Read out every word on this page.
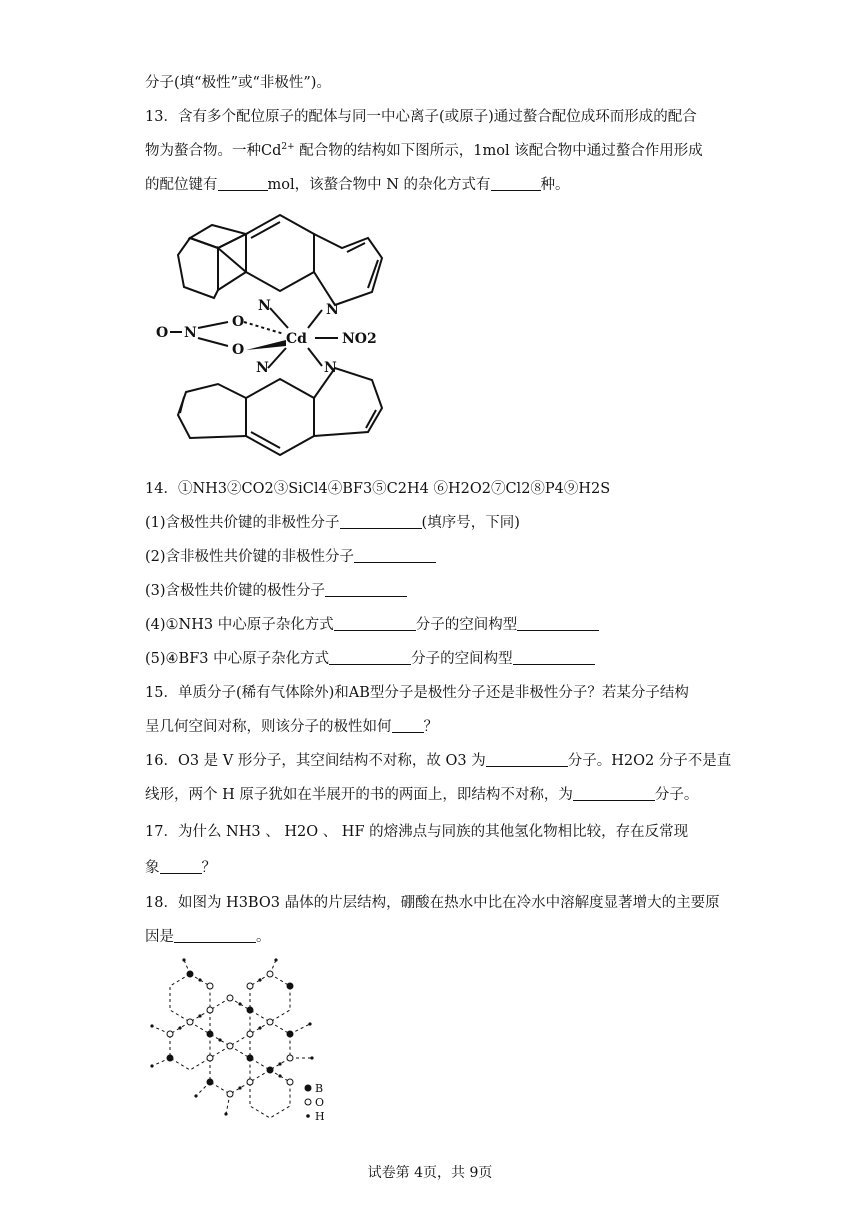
分子(填“极性”或“非极性”)。
13．含有多个配位原子的配体与同一中心离子(或原子)通过螯合配位成环而形成的配合
物为螯合物。一种$Cd^{2+}$ 配合物的结构如下图所示，1mol 该配合物中通过螯合作用形成
的配位键有	mol，该螯合物中 N 的杂化方式有	种。
N	N
N	N
O
O
N
O	Cd	NO2
14．①NH3②CO2③SiCl4④BF3⑤C2H4 ⑥H2O2⑦Cl2⑧P4⑨H2S
(1)含极性共价键的非极性分子	(填序号，下同)
(2)含非极性共价键的非极性分子
(3)含极性共价键的极性分子
(4)①NH3 中心原子杂化方式	分子的空间构型
(5)④BF3 中心原子杂化方式	分子的空间构型
15．单质分子(稀有气体除外)和AB型分子是极性分子还是非极性分子？若某分子结构
呈几何空间对称，则该分子的极性如何 ？
16．O3 是 V 形分子，其空间结构不对称，故 O3 为	分子。H2O2 分子不是直
线形，两个 H 原子犹如在半展开的书的两面上，即结构不对称，为	分子。
17．为什么 NH3 、 H2O 、 HF 的熔沸点与同族的其他氢化物相比较，存在反常现
象	？
18．如图为 H3BO3 晶体的片层结构，硼酸在热水中比在冷水中溶解度显著增大的主要原
因是	。
B
O
H
试卷第 4页，共 9页
